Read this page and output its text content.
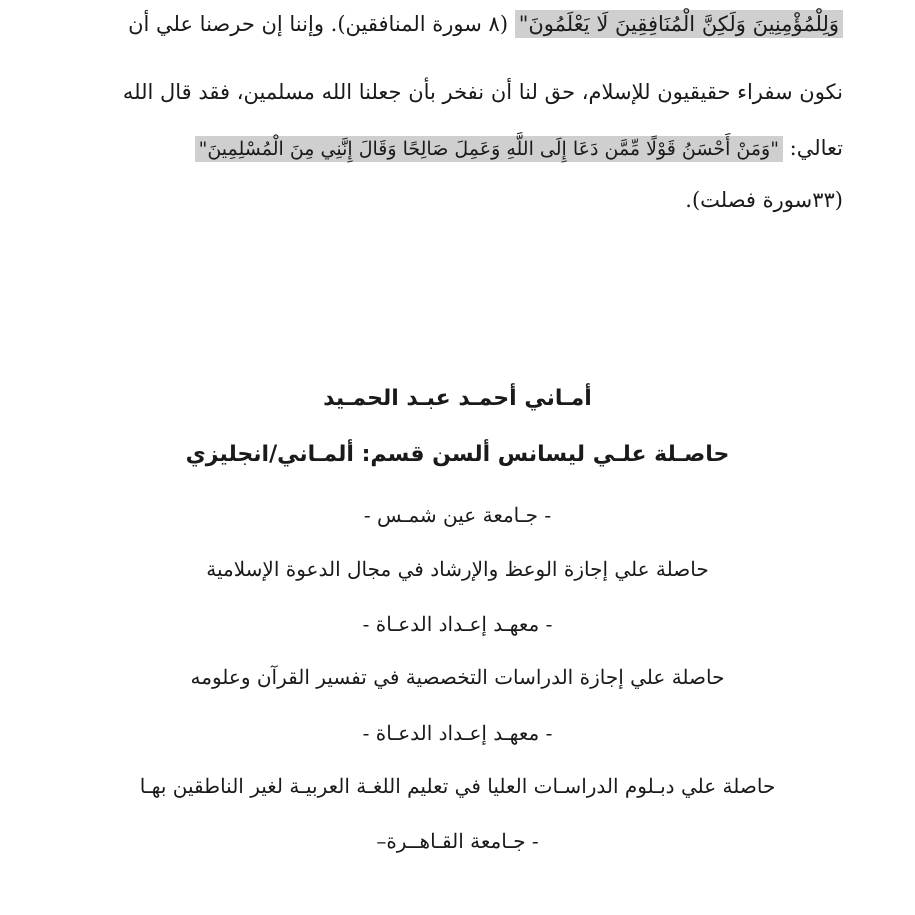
وَلِلْمُؤْمِنِينَ وَلَكِنَّ الْمُنَافِقِينَ لَا يَعْلَمُونَ" (٨ سورة المنافقين). وإننا إن حرصنا علي أن
نكون سفراء حقيقيون للإسلام، حق لنا أن نفخر بأن جعلنا الله مسلمين، فقد قال الله
تعالي: "وَمَنْ أَحْسَنُ قَوْلًا مِّمَّن دَعَا إِلَى اللَّهِ وَعَمِلَ صَالِحًا وَقَالَ إِنَّنِي مِنَ الْمُسْلِمِينَ"
(٣٣سورة فصلت).
أمـاني أحمـد عبـد الحمـيد
حاصـلة علـي ليسانس ألسن قسم: ألمـاني/انجليزي
- جـامعة عين شمـس -
حاصلة علي إجازة الوعظ والإرشاد في مجال الدعوة الإسلامية
- معهـد إعـداد الدعـاة -
حاصلة علي إجازة الدراسات التخصصية في تفسير القرآن وعلومه
- معهـد إعـداد الدعـاة -
حاصلة علي دبـلوم الدراسـات العليا في تعليم اللغـة العربيـة لغير الناطقين بهـا
- جـامعة القـاهــرة–
